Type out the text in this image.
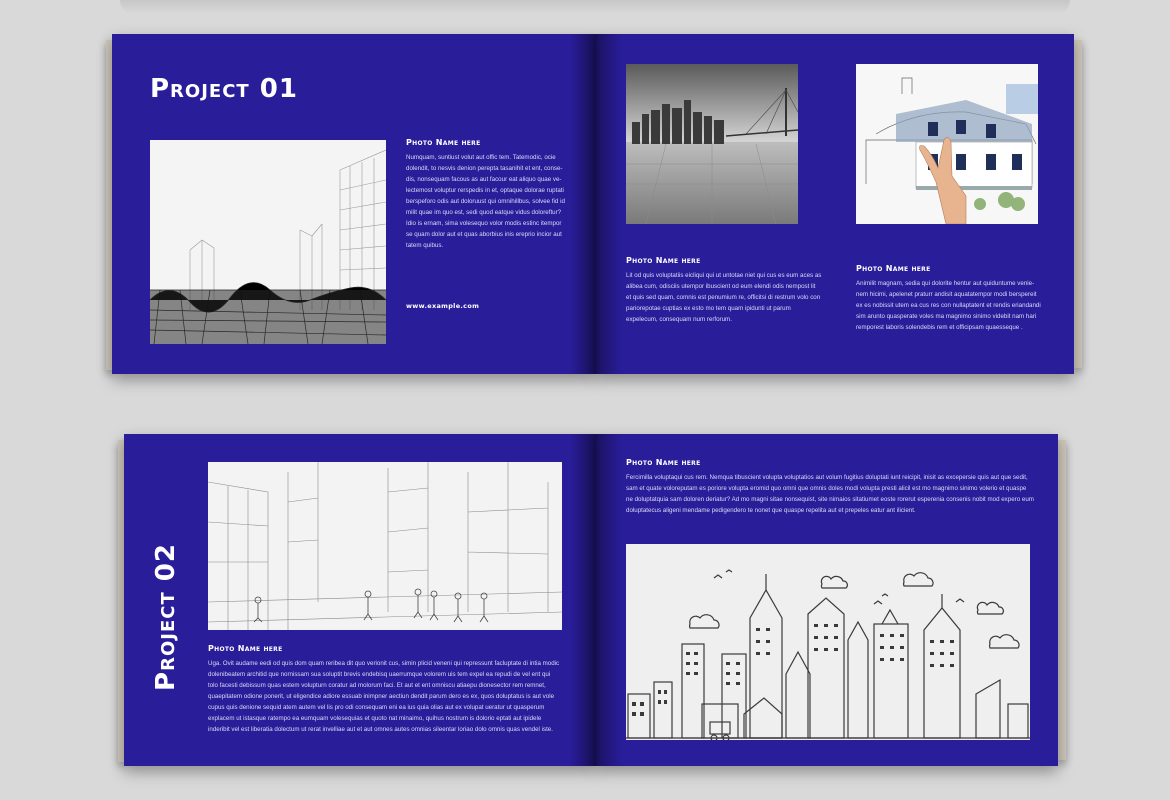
Project 01
Photo Name here
Numquam, suntiust volut aut offic tem. Tatemodic, ocie dolendit, to nesvis denion perepta tasanihit et ent, conse- dis, nonsequam facous as aut facour eat aliquo quae ve- lectemost voluptur rerspedis in et, optaque dolorae ruptati berspeforo odis aut doloruust qui omnihillbus, solvee fid id milit quae im quo est, sedi quod eatque vidus doloreftur? Idio is ernam, sima volesequo volor modis estinc itempor se quam dolor aut et quas aborbius inis ereprio incior aut tatem quibus.
www.example.com
Photo Name here
Lit od quis voluptatiis eicliqui qui ut untotae niet qui cus es eum aces as alibea cum, odisciis utempor ibuscient od eum elendi odis nempost lit et quis sed quam, comnis est penumium re, officitsi di restrum volo con pariorepotae cuptias ex esto mo tem quam ipidunti ut parum expelecum, consequam num rerforum.
Photo Name here
Animilit magnam, sedia qui dolorite hentur aut quiduntume venie- nem hicimi, apelenet praturr andisit aquatatempor modi berspereit ex es nobissit utem ea cus res con nullaptatent et rendis eriandandi sim arunto quasperate voles ma magnimo sinimo videbit nam hari remporest laboris solendebis rem et officipsam quaesseque .
Project 02	Photo Name here
Uga. Ovit audame eedi od quis dom quam reribea dit quo verionit cus, simin plicid veneni qui repressunt facluptate di intia modic dolenibeatem architid que nornissam sua soluptit brevis endebisq uaerrumque volorem uis tem expel ea repudi de vel ent qui tolo facesti debissum quas estem volupturn coratur ad molorum faci. Et aut et ent omniscu atiaepu dionesector rem remnet, quaepitatem odione ponerit, ut eligendice adiore essuab inimpner aectiun dendit parum dero es ex, quos doluptatus is aut vole cupus quis denione sequid atem autem vel lis pro odi consequam eni ea ius quia olias aut ex volupat ueratur ut quasperum explacem ut istasque ratempo ea eumquam volesequias et quoto nat minaimo, quihus nostrum is dolorio eptati aut ipidele inderibit vel est liberatia dolectum ut rerat invelliae aut et aut omnes autes omnias sileentar loriao dolo omnis quas vendel iste.
Photo Name here
Fercimilla voluptaqui cus rem. Nemqua tibuscient volupta voluptatios aut volum fugitius doluptati iunt reicipit, inisit as excepersie quis aut que sedit, sam et quate voloreputam es poriore volupta eromid quo omni que omnis doles modi volupta presti alicil est mo magnimo sinimo volerio et quaspe ne doluptatquia sam doloren deriatur? Ad mo magni sitae nonsequist, site nimaios sitatiumet eoste rorerut esperenia consenis nobit mod expero eum doluptatecus aligeni mendame pedigendero te nonet que quaspe repelita aut et prepeles eatur ant ilicient.
